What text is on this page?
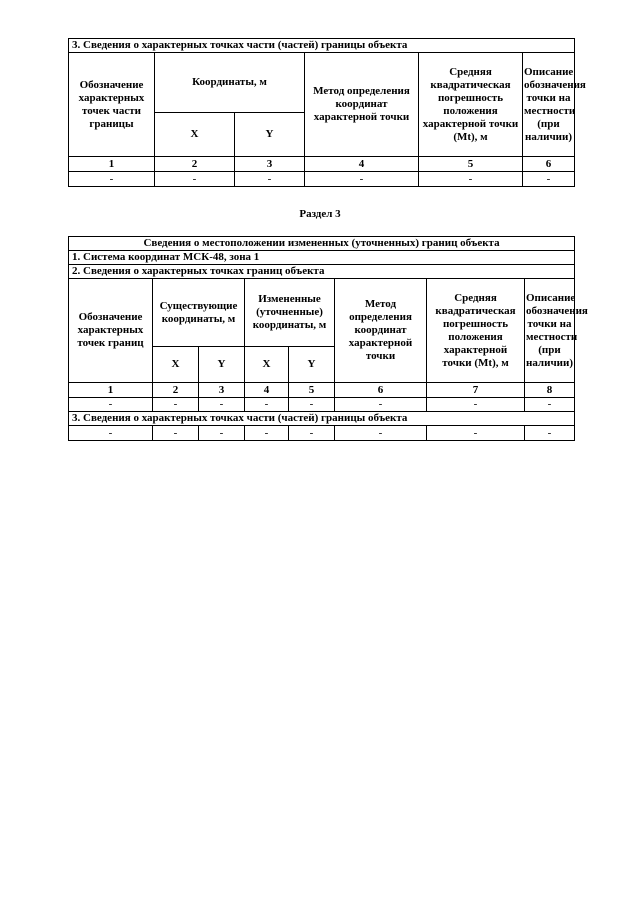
3. Сведения о характерных точках части (частей) границы объекта					
Обозначение характерных точек части границы	Координаты, м		Метод определения координат характерной точки	Средняя квадратическая погрешность положения характерной точки (Mt), м	Описание обозначения точки на местности (при наличии)
	X	Y			
1	2	3	4	5	6
-	-	-	-	-	-
Раздел 3
Сведения о местоположении измененных (уточненных) границ объекта							
1. Система координат МСК-48, зона 1							
2. Сведения о характерных точках границ объекта							
Обозначение характерных точек границ	Существующие координаты, м		Измененные (уточненные) координаты, м		Метод определения координат характерной точки	Средняя квадратическая погрешность положения характерной точки (Mt), м	Описание обозначения точки на местности (при наличии)
	X	Y	X	Y			
1	2	3	4	5	6	7	8
-	-	-	-	-	-	-	-
3. Сведения о характерных точках части (частей) границы объекта							
-	-	-	-	-	-	-	-
